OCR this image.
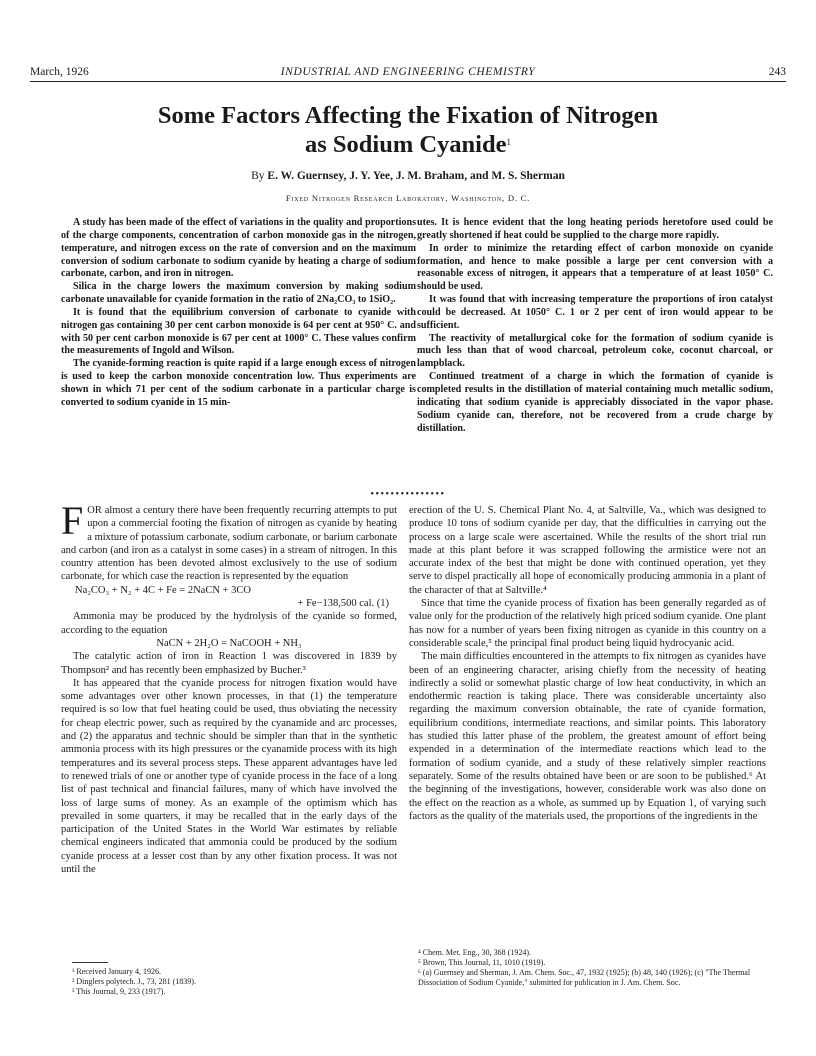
March, 1926	INDUSTRIAL AND ENGINEERING CHEMISTRY	243
Some Factors Affecting the Fixation of Nitrogen
as Sodium Cyanide$^1$
By E. W. Guernsey, J. Y. Yee, J. M. Braham, and M. S. Sherman
Fixed Nitrogen Research Laboratory, Washington, D. C.

A study has been made of the effect of variations in the quality and proportions of the charge components, concentration of carbon monoxide gas in the nitrogen, temperature, and nitrogen excess on the rate of conversion and on the maximum conversion of sodium carbonate to sodium cyanide by heating a charge of sodium carbonate, carbon, and iron in nitrogen.

Silica in the charge lowers the maximum conversion by making sodium carbonate unavailable for cyanide formation in the ratio of 2Na₂CO₃ to 1SiO₂.

It is found that the equilibrium conversion of carbonate to cyanide with nitrogen gas containing 30 per cent carbon monoxide is 64 per cent at 950° C. and with 50 per cent carbon monoxide is 67 per cent at 1000° C. These values confirm the measurements of Ingold and Wilson.

The cyanide-forming reaction is quite rapid if a large enough excess of nitrogen is used to keep the carbon monoxide concentration low. Thus experiments are shown in which 71 per cent of the sodium carbonate in a particular charge is converted to sodium cyanide in 15 min-

utes. It is hence evident that the long heating periods heretofore used could be greatly shortened if heat could be supplied to the charge more rapidly.

In order to minimize the retarding effect of carbon monoxide on cyanide formation, and hence to make possible a large per cent conversion with a reasonable excess of nitrogen, it appears that a temperature of at least 1050° C. should be used.

It was found that with increasing temperature the proportions of iron catalyst could be decreased. At 1050° C. 1 or 2 per cent of iron would appear to be sufficient.

The reactivity of metallurgical coke for the formation of sodium cyanide is much less than that of wood charcoal, petroleum coke, coconut charcoal, or lampblack.

Continued treatment of a charge in which the formation of cyanide is completed results in the distillation of material containing much metallic sodium, indicating that sodium cyanide is appreciably dissociated in the vapor phase. Sodium cyanide can, therefore, not be recovered from a crude charge by distillation.

•••••••••••••••

FOR almost a century there have been frequently recurring attempts to put upon a commercial footing the fixation of nitrogen as cyanide by heating a mixture of potassium carbonate, sodium carbonate, or barium carbonate and carbon (and iron as a catalyst in some cases) in a stream of nitrogen. In this country attention has been devoted almost exclusively to the use of sodium carbonate, for which case the reaction is represented by the equation

Na₂CO₃ + N₂ + 4C + Fe = 2NaCN + 3CO
+ Fe−138,500 cal. (1)

Ammonia may be produced by the hydrolysis of the cyanide so formed, according to the equation

NaCN + 2H₂O = NaCOOH + NH₃

The catalytic action of iron in Reaction 1 was discovered in 1839 by Thompson² and has recently been emphasized by Bucher.³

It has appeared that the cyanide process for nitrogen fixation would have some advantages over other known processes, in that (1) the temperature required is so low that fuel heating could be used, thus obviating the necessity for cheap electric power, such as required by the cyanamide and arc processes, and (2) the apparatus and technic should be simpler than that in the synthetic ammonia process with its high pressures or the cyanamide process with its high temperatures and its several process steps. These apparent advantages have led to renewed trials of one or another type of cyanide process in the face of a long list of past technical and financial failures, many of which have involved the loss of large sums of money. As an example of the optimism which has prevailed in some quarters, it may be recalled that in the early days of the participation of the United States in the World War estimates by reliable chemical engineers indicated that ammonia could be produced by the sodium cyanide process at a lesser cost than by any other fixation process. It was not until the

erection of the U. S. Chemical Plant No. 4, at Saltville, Va., which was designed to produce 10 tons of sodium cyanide per day, that the difficulties in carrying out the process on a large scale were ascertained. While the results of the short trial run made at this plant before it was scrapped following the armistice were not an accurate index of the best that might be done with continued operation, yet they serve to dispel practically all hope of economically producing ammonia in a plant of the character of that at Saltville.⁴

Since that time the cyanide process of fixation has been generally regarded as of value only for the production of the relatively high priced sodium cyanide. One plant has now for a number of years been fixing nitrogen as cyanide in this country on a considerable scale,⁵ the principal final product being liquid hydrocyanic acid.

The main difficulties encountered in the attempts to fix nitrogen as cyanides have been of an engineering character, arising chiefly from the necessity of heating indirectly a solid or somewhat plastic charge of low heat conductivity, in which an endothermic reaction is taking place. There was considerable uncertainty also regarding the maximum conversion obtainable, the rate of cyanide formation, equilibrium conditions, intermediate reactions, and similar points. This laboratory has studied this latter phase of the problem, the greatest amount of effort being expended in a determination of the intermediate reactions which lead to the formation of sodium cyanide, and a study of these relatively simpler reactions separately. Some of the results obtained have been or are soon to be published.⁶ At the beginning of the investigations, however, considerable work was also done on the effect on the reaction as a whole, as summed up by Equation 1, of varying such factors as the quality of the materials used, the proportions of the ingredients in the

¹ Received January 4, 1926.
² Dinglers polytech. J., 73, 281 (1839).
³ This Journal, 9, 233 (1917).
⁴ Chem. Met. Eng., 30, 368 (1924).
⁵ Brown, This Journal, 11, 1010 (1919).
⁶ (a) Guernsey and Sherman, J. Am. Chem. Soc., 47, 1932 (1925); (b) 48, 140 (1926); (c) "The Thermal Dissociation of Sodium Cyanide," submitted for publication in J. Am. Chem. Soc.
